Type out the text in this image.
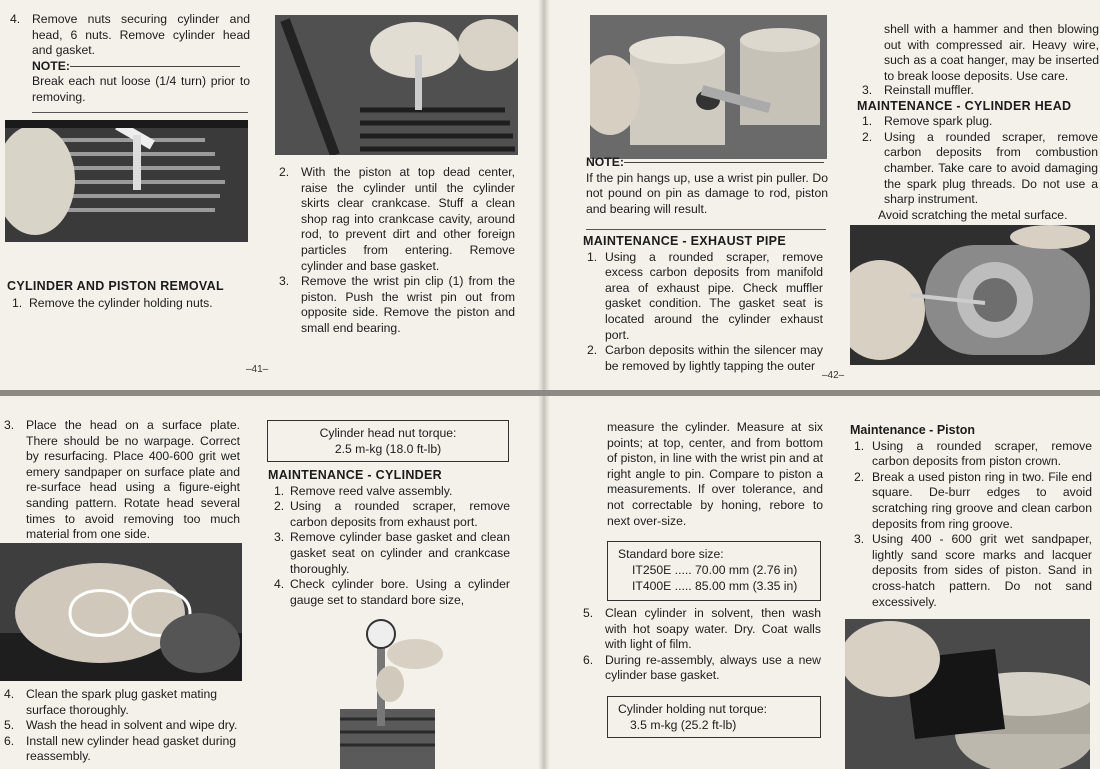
4. Remove nuts securing cylinder and head, 6 nuts. Remove cylinder head and gasket.
NOTE:
Break each nut loose (1/4 turn) prior to removing.
CYLINDER AND PISTON REMOVAL
1. Remove the cylinder holding nuts.
2. With the piston at top dead center, raise the cylinder until the cylinder skirts clear crankcase. Stuff a clean shop rag into crankcase cavity, around rod, to prevent dirt and other foreign particles from entering. Remove cylinder and base gasket.
3. Remove the wrist pin clip (1) from the piston. Push the wrist pin out from opposite side. Remove the piston and small end bearing.
–41–
NOTE:
If the pin hangs up, use a wrist pin puller. Do not pound on pin as damage to rod, piston and bearing will result.
MAINTENANCE - EXHAUST PIPE
1. Using a rounded scraper, remove excess carbon deposits from manifold area of exhaust pipe. Check muffler gasket condition. The gasket seat is located around the cylinder exhaust port.
2. Carbon deposits within the silencer may be removed by lightly tapping the outer
–42–
shell with a hammer and then blowing out with compressed air. Heavy wire, such as a coat hanger, may be inserted to break loose deposits. Use care.
3. Reinstall muffler.
MAINTENANCE - CYLINDER HEAD
1. Remove spark plug.
2. Using a rounded scraper, remove carbon deposits from combustion chamber. Take care to avoid damaging the spark plug threads. Do not use a sharp instrument.
Avoid scratching the metal surface.
3. Place the head on a surface plate. There should be no warpage. Correct by resurfacing. Place 400-600 grit wet emery sandpaper on surface plate and re-surface head using a figure-eight sanding pattern. Rotate head several times to avoid removing too much material from one side.
4. Clean the spark plug gasket mating surface thoroughly.
5. Wash the head in solvent and wipe dry.
6. Install new cylinder head gasket during reassembly.
Cylinder head nut torque:
2.5 m-kg (18.0 ft-lb)
MAINTENANCE - CYLINDER
1. Remove reed valve assembly.
2. Using a rounded scraper, remove carbon deposits from exhaust port.
3. Remove cylinder base gasket and clean gasket seat on cylinder and crankcase thoroughly.
4. Check cylinder bore. Using a cylinder gauge set to standard bore size,
measure the cylinder. Measure at six points; at top, center, and from bottom of piston, in line with the wrist pin and at right angle to pin. Compare to piston a measurements. If over tolerance, and not correctable by honing, rebore to next over-size.
Standard bore size:
IT250E ..... 70.00 mm (2.76 in)
IT400E ..... 85.00 mm (3.35 in)
5. Clean cylinder in solvent, then wash with hot soapy water. Dry. Coat walls with light of film.
6. During re-assembly, always use a new cylinder base gasket.
Cylinder holding nut torque:
3.5 m-kg (25.2 ft-lb)
Maintenance - Piston
1. Using a rounded scraper, remove carbon deposits from piston crown.
2. Break a used piston ring in two. File end square. De-burr edges to avoid scratching ring groove and clean carbon deposits from ring groove.
3. Using 400 - 600 grit wet sandpaper, lightly sand score marks and lacquer deposits from sides of piston. Sand in cross-hatch pattern. Do not sand excessively.
